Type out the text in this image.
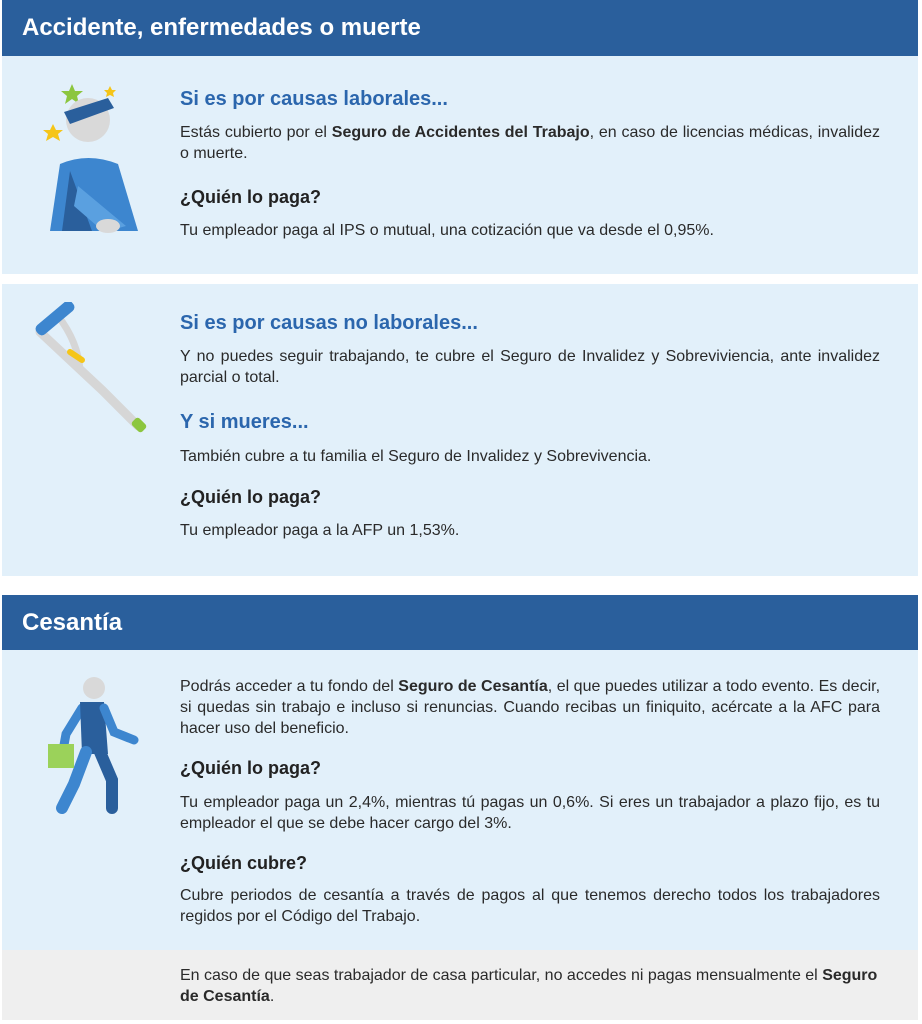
Accidente, enfermedades o muerte
Si es por causas laborales...

Estás cubierto por el Seguro de Accidentes del Trabajo, en caso de licencias médicas, invalidez o muerte.

¿Quién lo paga?

Tu empleador paga al IPS o mutual, una cotización que va desde el 0,95%.

Si es por causas no laborales...

Y no puedes seguir trabajando, te cubre el Seguro de Invalidez y Sobreviviencia, ante invalidez parcial o total.

Y si mueres...

También cubre a tu familia el Seguro de Invalidez y Sobrevivencia.

¿Quién lo paga?

Tu empleador paga a la AFP un 1,53%.

Cesantía

Podrás acceder a tu fondo del Seguro de Cesantía, el que puedes utilizar a todo evento. Es decir, si quedas sin trabajo e incluso si renuncias. Cuando recibas un finiquito, acércate a la AFC para hacer uso del beneficio.

¿Quién lo paga?

Tu empleador paga un 2,4%, mientras tú pagas un 0,6%. Si eres un trabajador a plazo fijo, es tu empleador el que se debe hacer cargo del 3%.

¿Quién cubre?

Cubre periodos de cesantía a través de pagos al que tenemos derecho todos los trabajadores regidos por el Código del Trabajo.

En caso de que seas trabajador de casa particular, no accedes ni pagas mensualmente el Seguro de Cesantía.
